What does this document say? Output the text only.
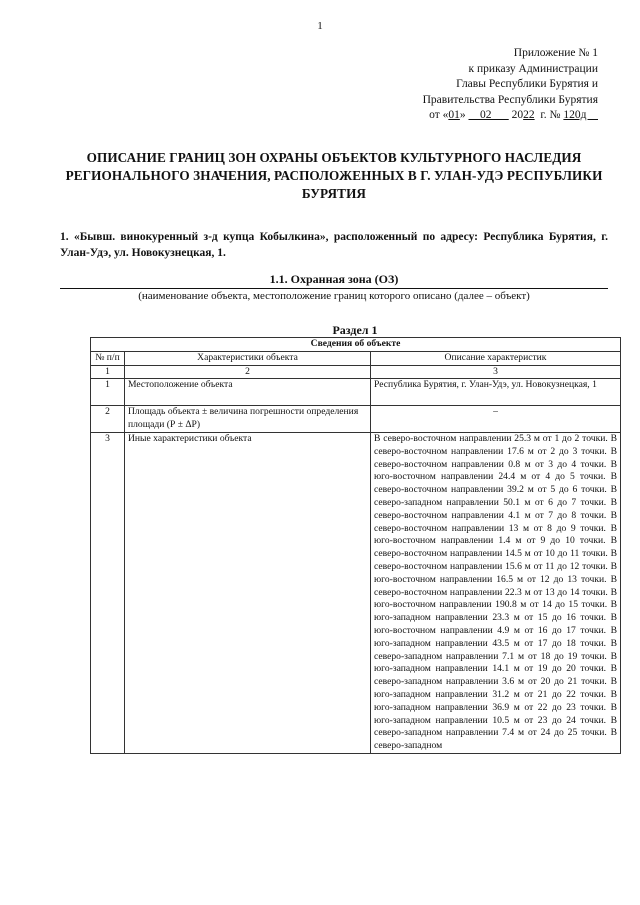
1
Приложение № 1
к приказу Администрации
Главы Республики Бурятия и
Правительства Республики Бурятия
от «01»     02       2022  г. № 120д
ОПИСАНИЕ ГРАНИЦ ЗОН ОХРАНЫ ОБЪЕКТОВ КУЛЬТУРНОГО НАСЛЕДИЯ РЕГИОНАЛЬНОГО ЗНАЧЕНИЯ, РАСПОЛОЖЕННЫХ В Г. УЛАН-УДЭ РЕСПУБЛИКИ БУРЯТИЯ
1. «Бывш. винокуренный з-д купца Кобылкина», расположенный по адресу: Республика Бурятия, г. Улан-Удэ, ул. Новокузнецкая, 1.
1.1. Охранная зона (ОЗ)
(наименование объекта, местоположение границ которого описано (далее – объект)
Раздел 1
Сведения об объекте		
№ п/п	Характеристики объекта	Описание характеристик
1	2	3
1	Местоположение объекта	Республика Бурятия, г. Улан-Удэ, ул. Новокузнецкая, 1
2	Площадь объекта ± величина погрешности определения площади (Р ± ΔР)	–
3	Иные характеристики объекта	В северо-восточном направлении 25.3 м от 1 до 2 точки. В северо-восточном направлении 17.6 м от 2 до 3 точки. В северо-восточном направлении 0.8 м от 3 до 4 точки. В юго-восточном направлении 24.4 м от 4 до 5 точки. В северо-восточном направлении 39.2 м от 5 до 6 точки. В северо-западном направлении 50.1 м от 6 до 7 точки. В северо-восточном направлении 4.1 м от 7 до 8 точки. В северо-восточном направлении 13 м от 8 до 9 точки. В юго-восточном направлении 1.4 м от 9 до 10 точки. В северо-восточном направлении 14.5 м от 10 до 11 точки. В северо-восточном направлении 15.6 м от 11 до 12 точки. В юго-восточном направлении 16.5 м от 12 до 13 точки. В северо-восточном направлении 22.3 м от 13 до 14 точки. В юго-восточном направлении 190.8 м от 14 до 15 точки. В юго-западном направлении 23.3 м от 15 до 16 точки. В юго-восточном направлении 4.9 м от 16 до 17 точки. В юго-западном направлении 43.5 м от 17 до 18 точки. В северо-западном направлении 7.1 м от 18 до 19 точки. В юго-западном направлении 14.1 м от 19 до 20 точки. В северо-западном направлении 3.6 м от 20 до 21 точки. В юго-западном направлении 31.2 м от 21 до 22 точки. В юго-западном направлении 36.9 м от 22 до 23 точки. В юго-западном направлении 10.5 м от 23 до 24 точки. В северо-западном направлении 7.4 м от 24 до 25 точки. В северо-западном
